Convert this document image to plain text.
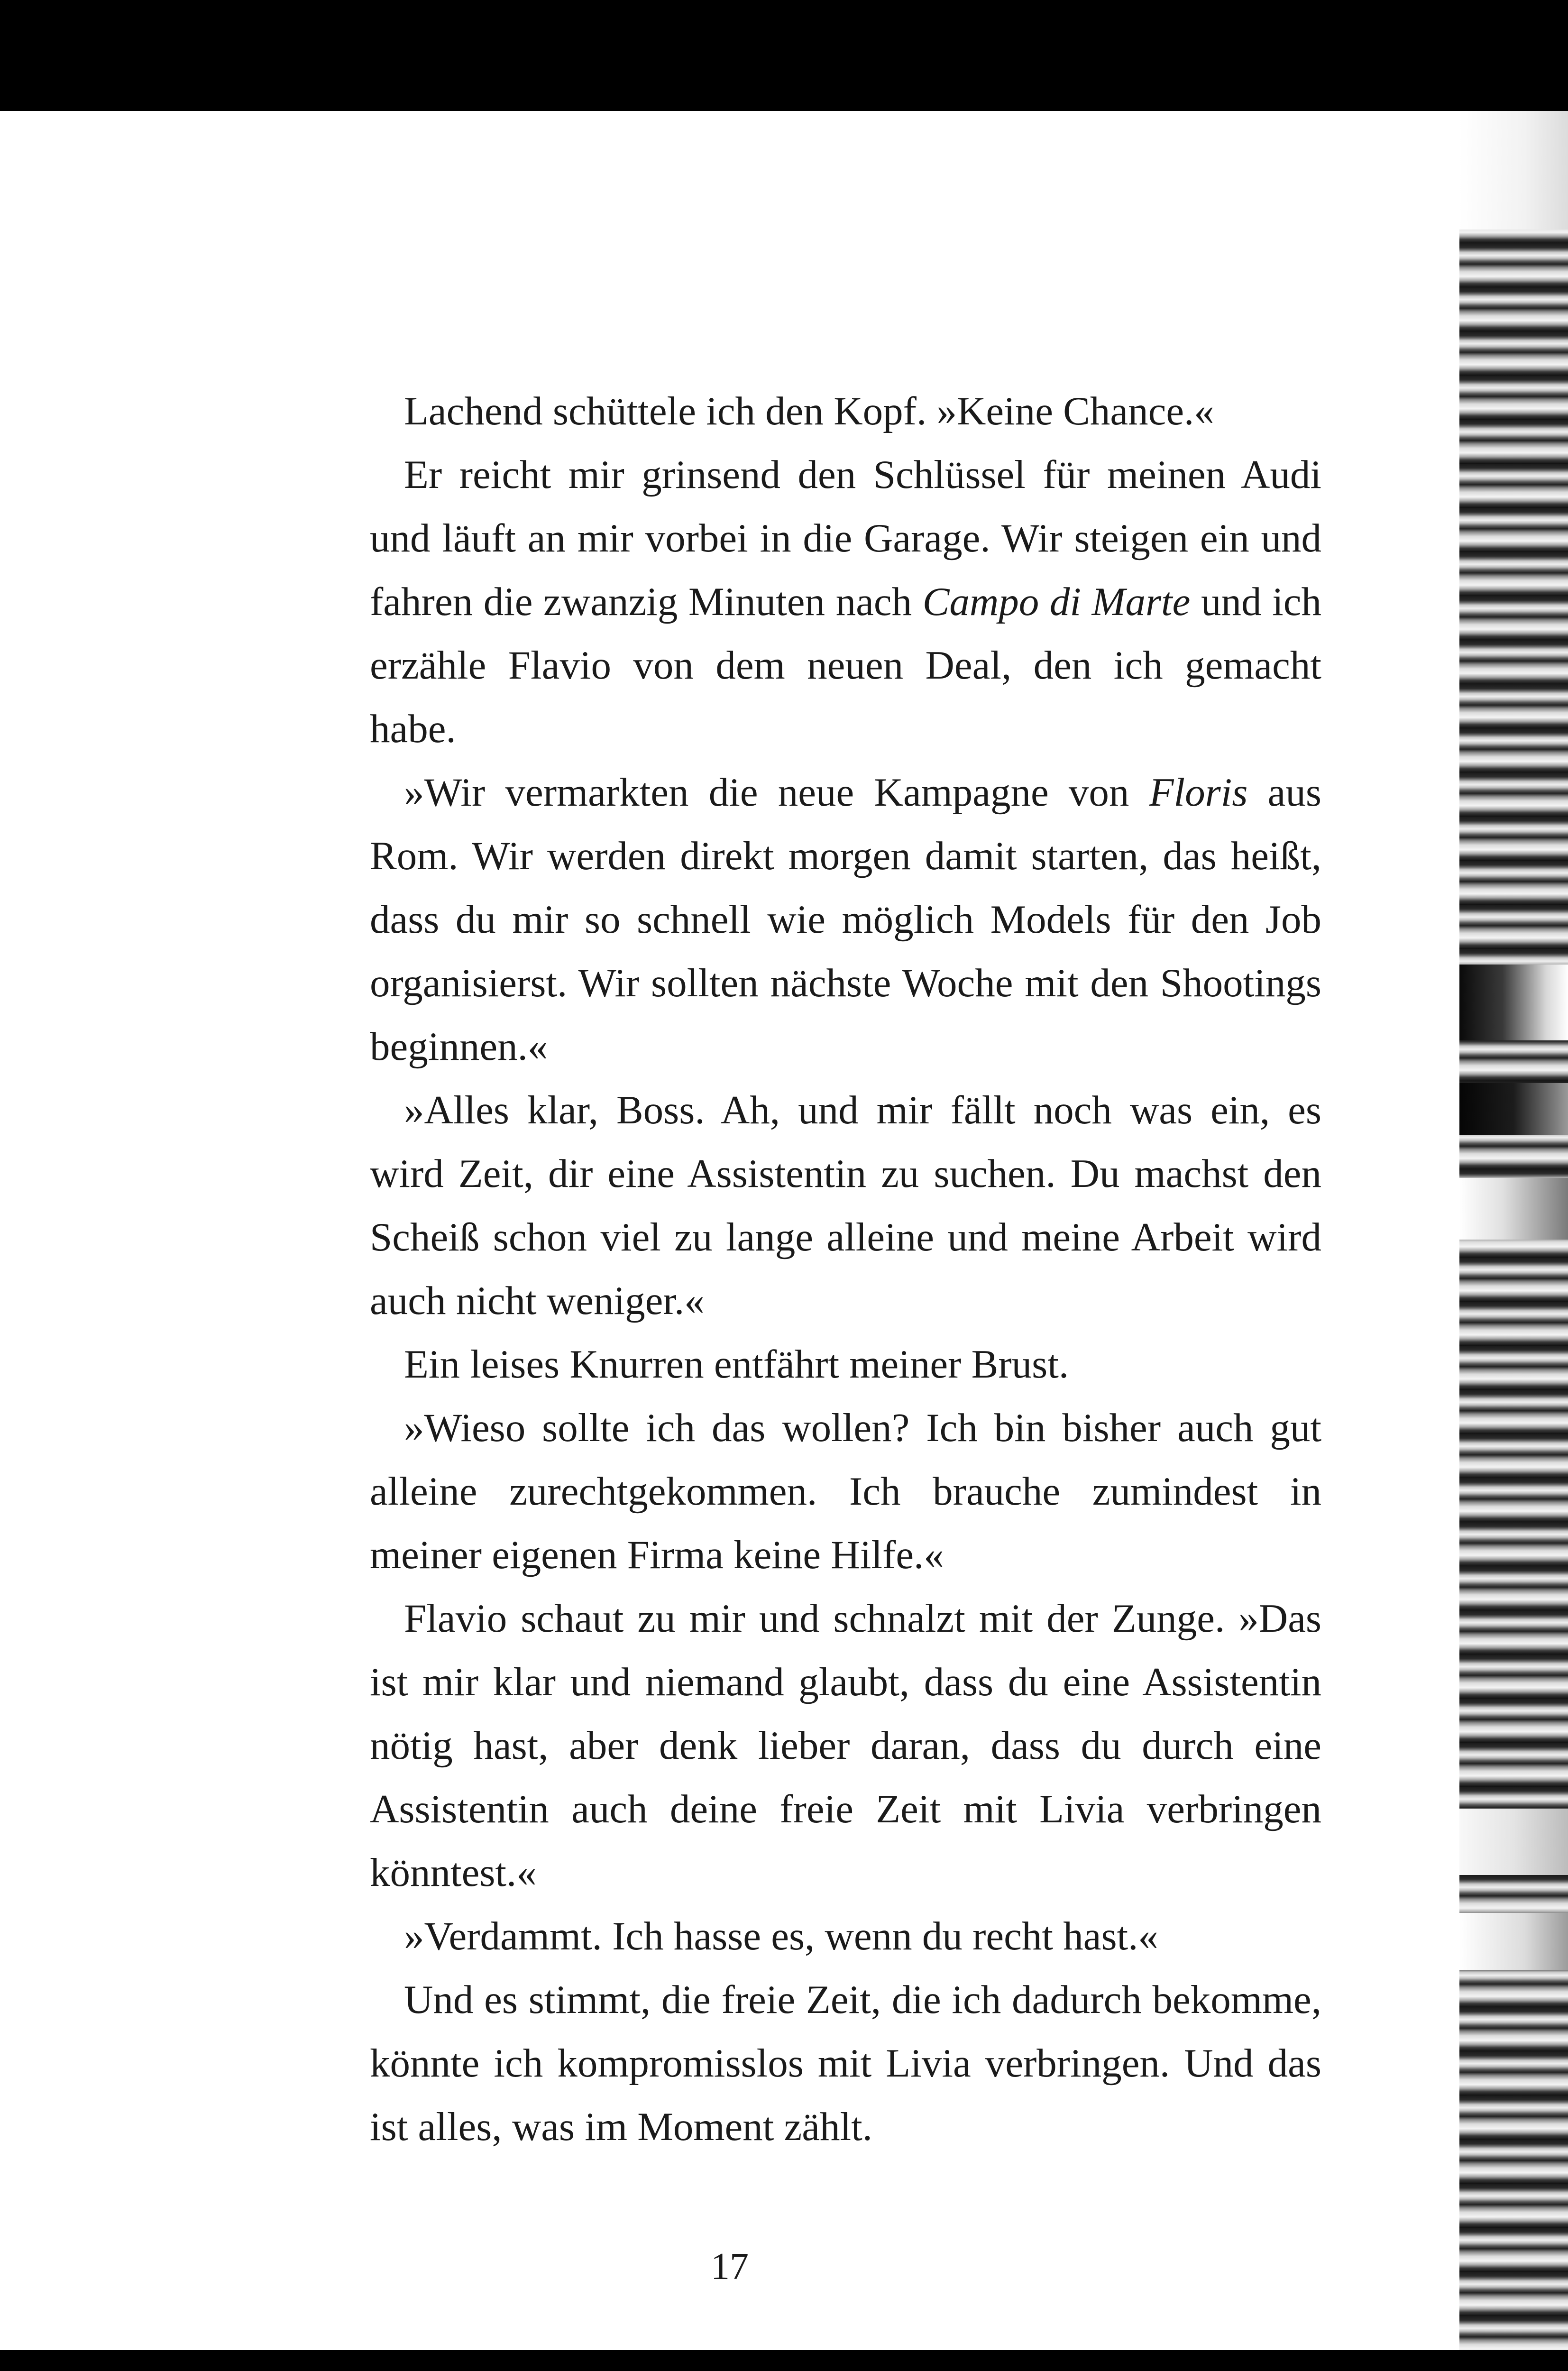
Lachend schüttele ich den Kopf. »Keine Chance.«

Er reicht mir grinsend den Schlüssel für meinen Audi und läuft an mir vorbei in die Garage. Wir steigen ein und fahren die zwanzig Minuten nach Campo di Marte und ich erzähle Flavio von dem neuen Deal, den ich gemacht habe.

»Wir vermarkten die neue Kampagne von Floris aus Rom. Wir werden direkt morgen damit starten, das heißt, dass du mir so schnell wie möglich Models für den Job organisierst. Wir sollten nächste Woche mit den Shootings beginnen.«

»Alles klar, Boss. Ah, und mir fällt noch was ein, es wird Zeit, dir eine Assistentin zu suchen. Du machst den Scheiß schon viel zu lange alleine und meine Arbeit wird auch nicht weniger.«

Ein leises Knurren entfährt meiner Brust.

»Wieso sollte ich das wollen? Ich bin bisher auch gut alleine zurechtgekommen. Ich brauche zumindest in meiner eigenen Firma keine Hilfe.«

Flavio schaut zu mir und schnalzt mit der Zunge. »Das ist mir klar und niemand glaubt, dass du eine Assistentin nötig hast, aber denk lieber daran, dass du durch eine Assistentin auch deine freie Zeit mit Livia verbringen könntest.«

»Verdammt. Ich hasse es, wenn du recht hast.«

Und es stimmt, die freie Zeit, die ich dadurch bekomme, könnte ich kompromisslos mit Livia verbringen. Und das ist alles, was im Moment zählt.

17
